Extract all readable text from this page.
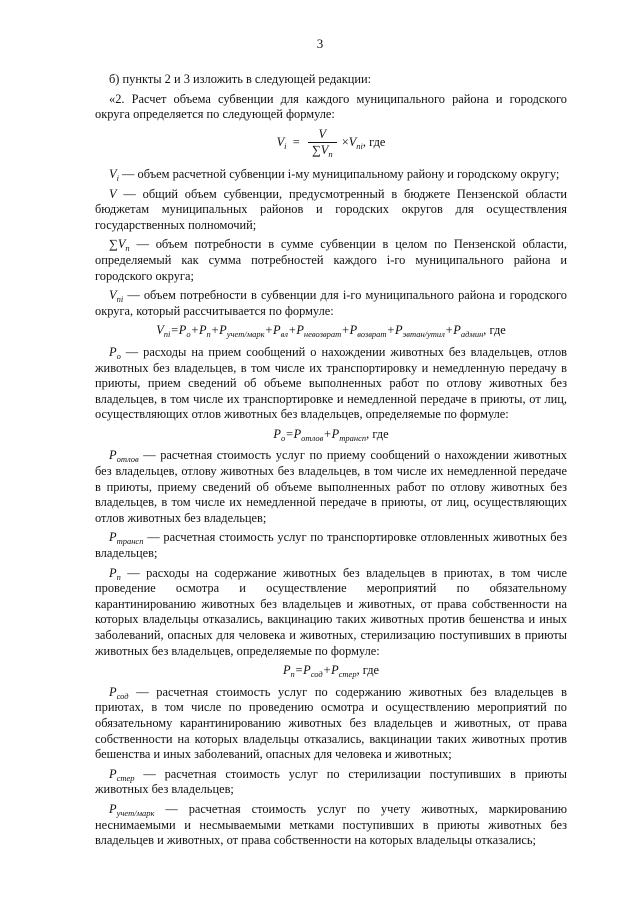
3

б) пункты 2 и 3 изложить в следующей редакции:

«2. Расчет объема субвенции для каждого муниципального района и городского округа определяется по следующей формуле:

$V_i = \frac{V}{\sum V_п} \times V_{пi}$, где

$V_i$ — объем расчетной субвенции i-му муниципальному району и городскому округу;

V — общий объем субвенции, предусмотренный в бюджете Пензенской области бюджетам муниципальных районов и городских округов для осуществления государственных полномочий;

$\sum V_п$ — объем потребности в сумме субвенции в целом по Пензенской области, определяемый как сумма потребностей каждого i-го муниципального района и городского округа;

$V_{пi}$ — объем потребности в субвенции для i-го муниципального района и городского округа, который рассчитывается по формуле:

$V_{пi}=P_о+P_п+P_{учет/марк}+P_{вл}+P_{невозврат}+P_{возврат}+P_{эвтан/утил}+P_{админ}$, где

$P_о$ — расходы на прием сообщений о нахождении животных без владельцев, отлов животных без владельцев, в том числе их транспортировку и немедленную передачу в приюты, прием сведений об объеме выполненных работ по отлову животных без владельцев, в том числе их транспортировке и немедленной передаче в приюты, от лиц, осуществляющих отлов животных без владельцев, определяемые по формуле:

$P_о=P_{отлов}+P_{трансп}$, где

$P_{отлов}$ — расчетная стоимость услуг по приему сообщений о нахождении животных без владельцев, отлову животных без владельцев, в том числе их немедленной передаче в приюты, приему сведений об объеме выполненных работ по отлову животных без владельцев, в том числе их немедленной передаче в приюты, от лиц, осуществляющих отлов животных без владельцев;

$P_{трансп}$ — расчетная стоимость услуг по транспортировке отловленных животных без владельцев;

$P_п$ — расходы на содержание животных без владельцев в приютах, в том числе проведение осмотра и осуществление мероприятий по обязательному карантинированию животных без владельцев и животных, от права собственности на которых владельцы отказались, вакцинацию таких животных против бешенства и иных заболеваний, опасных для человека и животных, стерилизацию поступивших в приюты животных без владельцев, определяемые по формуле:

$P_п=P_{сод}+P_{стер}$, где

$P_{сод}$ — расчетная стоимость услуг по содержанию животных без владельцев в приютах, в том числе по проведению осмотра и осуществлению мероприятий по обязательному карантинированию животных без владельцев и животных, от права собственности на которых владельцы отказались, вакцинации таких животных против бешенства и иных заболеваний, опасных для человека и животных;

$P_{стер}$ — расчетная стоимость услуг по стерилизации поступивших в приюты животных без владельцев;

$P_{учет/марк}$ — расчетная стоимость услуг по учету животных, маркированию неснимаемыми и несмываемыми метками поступивших в приюты животных без владельцев и животных, от права собственности на которых владельцы отказались;
